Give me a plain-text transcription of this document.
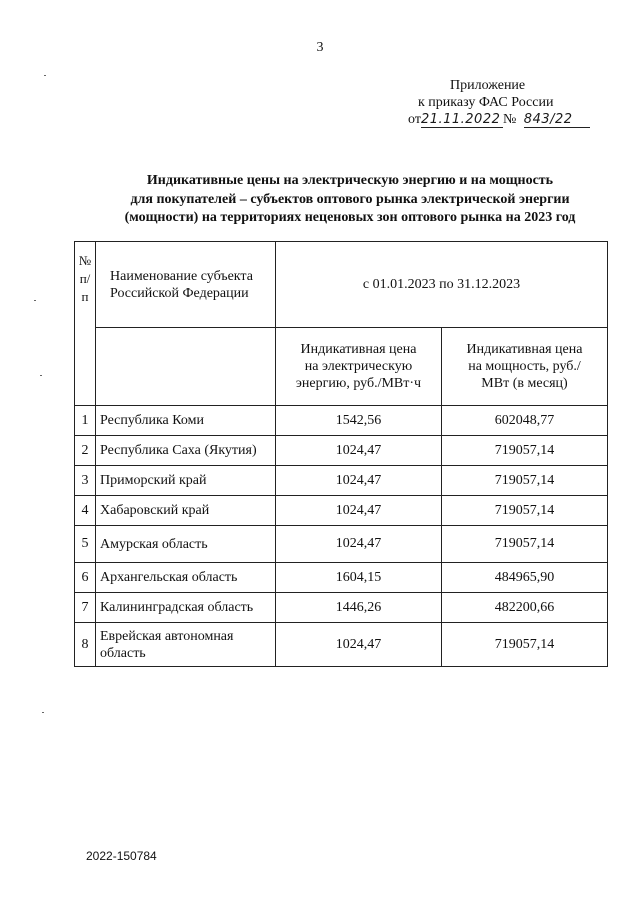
3
Приложение
к приказу ФАС России
от21.11.2022 № 843/22
Индикативные цены на электрическую энергию и на мощность
для покупателей – субъектов оптового рынка электрической энергии
(мощности) на территориях неценовых зон оптового рынка на 2023 год
№ п/ п	Наименование субъекта Российской Федерации	с 01.01.2023 по 31.12.2023	
		Индикативная цена на электрическую энергию, руб./МВт·ч	Индикативная цена на мощность, руб./МВт (в месяц)
1	Республика Коми	1542,56	602048,77
2	Республика Саха (Якутия)	1024,47	719057,14
3	Приморский край	1024,47	719057,14
4	Хабаровский край	1024,47	719057,14
5	Амурская область	1024,47	719057,14
6	Архангельская область	1604,15	484965,90
7	Калининградская область	1446,26	482200,66
8	Еврейская автономная область	1024,47	719057,14
2022-150784
